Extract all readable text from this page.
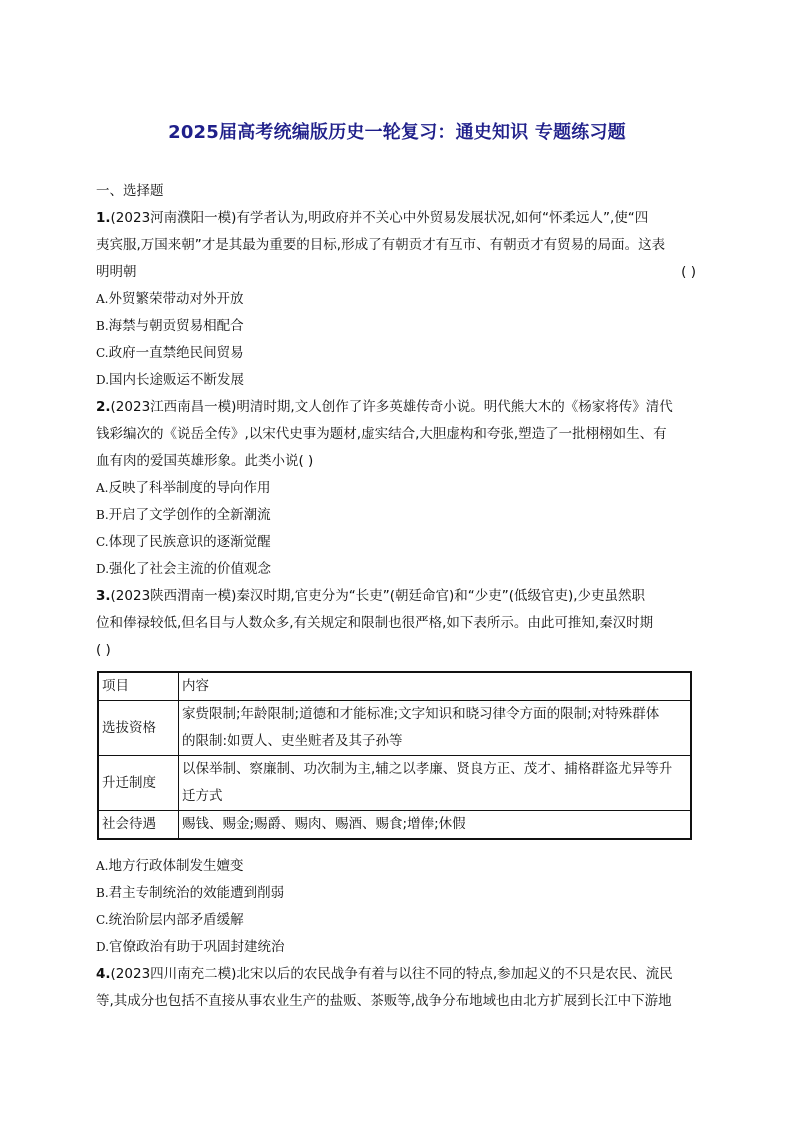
2025届高考统编版历史一轮复习：通史知识 专题练习题
一、选择题
1.(2023河南濮阳一模)有学者认为,明政府并不关心中外贸易发展状况,如何“怀柔远人”,使“四
夷宾服,万国来朝”才是其最为重要的目标,形成了有朝贡才有互市、有朝贡才有贸易的局面。这表
明明朝	( )
A.外贸繁荣带动对外开放
B.海禁与朝贡贸易相配合
C.政府一直禁绝民间贸易
D.国内长途贩运不断发展
2.(2023江西南昌一模)明清时期,文人创作了许多英雄传奇小说。明代熊大木的《杨家将传》清代
钱彩编次的《说岳全传》,以宋代史事为题材,虚实结合,大胆虚构和夸张,塑造了一批栩栩如生、有
血有肉的爱国英雄形象。此类小说( )
A.反映了科举制度的导向作用
B.开启了文学创作的全新潮流
C.体现了民族意识的逐渐觉醒
D.强化了社会主流的价值观念
3.(2023陕西渭南一模)秦汉时期,官吏分为“长吏”(朝廷命官)和“少吏”(低级官吏),少吏虽然职
位和俸禄较低,但名目与人数众多,有关规定和限制也很严格,如下表所示。由此可推知,秦汉时期
( )
项目	内容
选拔资格	家赀限制;年龄限制;道德和才能标准;文字知识和晓习律令方面的限制;对特殊群体
的限制:如贾人、吏坐赃者及其子孙等

升迁制度	以保举制、察廉制、功次制为主,辅之以孝廉、贤良方正、茂才、捕格群盗尤异等升
迁方式

社会待遇	赐钱、赐金;赐爵、赐肉、赐酒、赐食;增俸;休假
A.地方行政体制发生嬗变
B.君主专制统治的效能遭到削弱
C.统治阶层内部矛盾缓解
D.官僚政治有助于巩固封建统治
4.(2023四川南充二模)北宋以后的农民战争有着与以往不同的特点,参加起义的不只是农民、流民
等,其成分也包括不直接从事农业生产的盐贩、茶贩等,战争分布地域也由北方扩展到长江中下游地
